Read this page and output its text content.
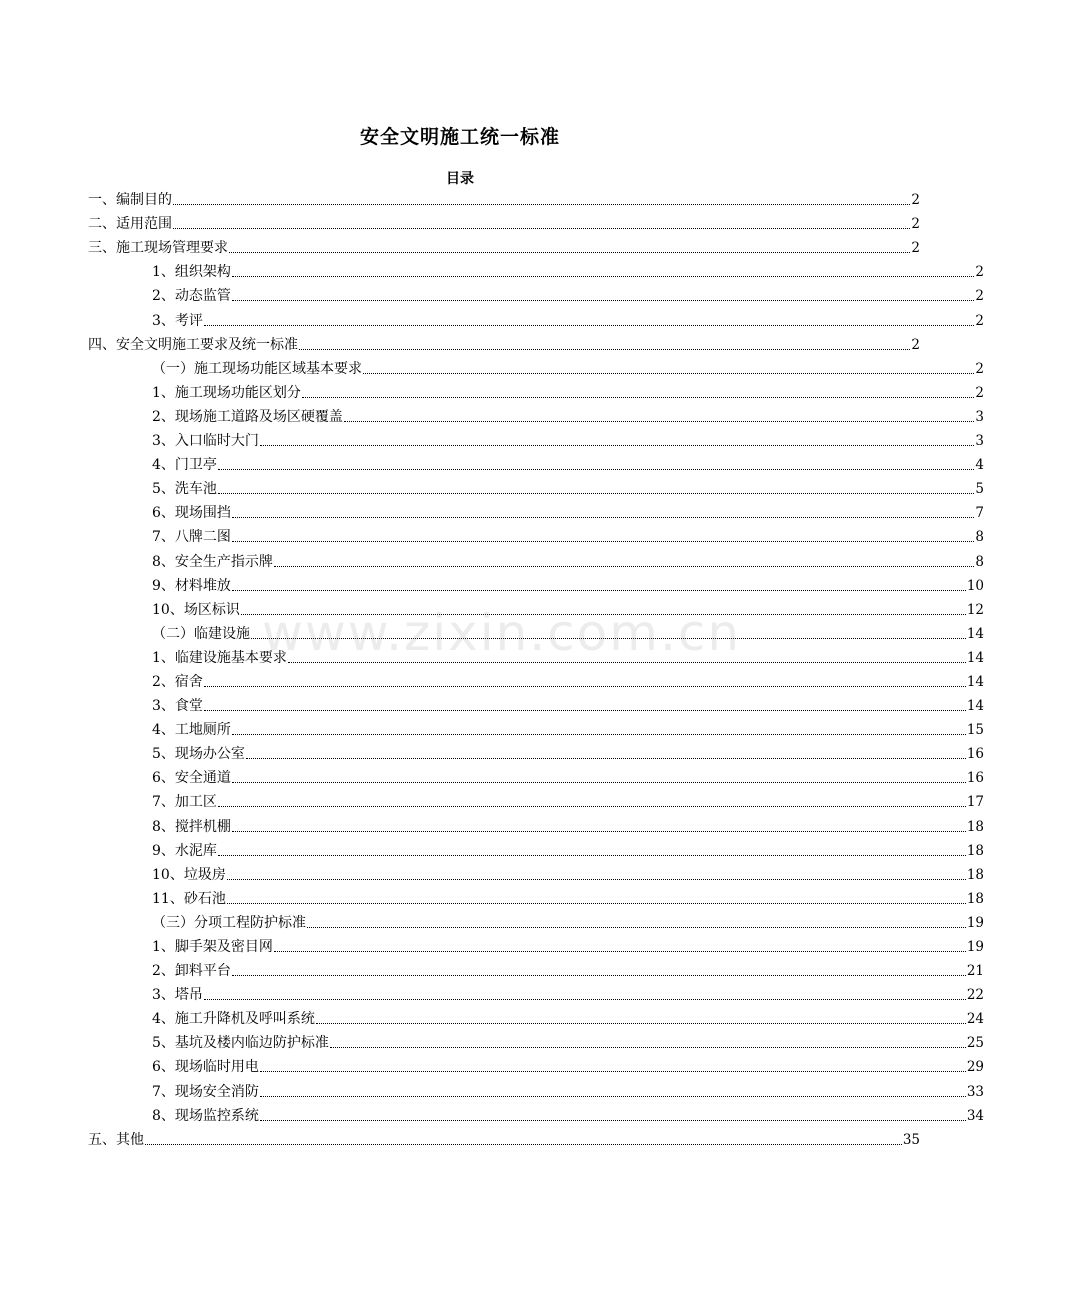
安全文明施工统一标准
目录
一、编制目的	2
二、适用范围	2
三、施工现场管理要求	2
1、组织架构	2
2、动态监管	2
3、考评	2
四、安全文明施工要求及统一标准	2
（一）施工现场功能区域基本要求	2
1、施工现场功能区划分	2
2、现场施工道路及场区硬覆盖	3
3、入口临时大门	3
4、门卫亭	4
5、洗车池	5
6、现场围挡	7
7、八牌二图	8
8、安全生产指示牌	8
9、材料堆放	10
10、场区标识	12
（二）临建设施	14
1、临建设施基本要求	14
2、宿舍	14
3、食堂	14
4、工地厕所	15
5、现场办公室	16
6、安全通道	16
7、加工区	17
8、搅拌机棚	18
9、水泥库	18
10、垃圾房	18
11、砂石池	18
（三）分项工程防护标准	19
1、脚手架及密目网	19
2、卸料平台	21
3、塔吊	22
4、施工升降机及呼叫系统	24
5、基坑及楼内临边防护标准	25
6、现场临时用电	29
7、现场安全消防	33
8、现场监控系统	34
五、其他	35
www.zixin.com.cn
